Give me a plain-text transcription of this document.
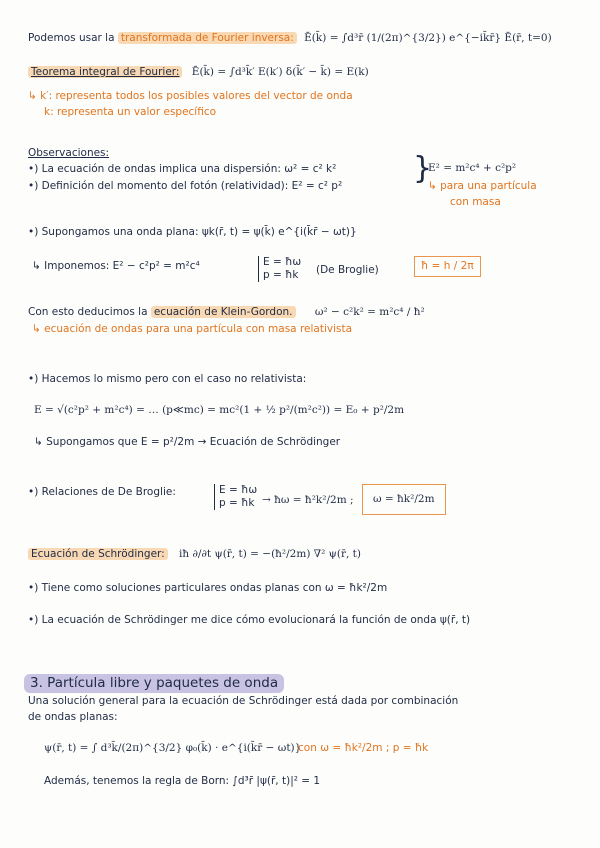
Podemos usar la transformada de Fourier inversa: Ē(k̄) = ∫d³r̄ (1/(2π)^{3/2}) e^{−ik̄r̄} Ē(r̄, t=0)
Teorema integral de Fourier: Ē(k̄) = ∫d³k̄′ E(k′) δ(k̄′ − k̄) = E(k)
↳ k′: representa todos los posibles valores del vector de onda
k: representa un valor específico
Observaciones:
•) La ecuación de ondas implica una dispersión: ω² = c² k²
•) Definición del momento del fotón (relatividad): E² = c² p² }
E² = m²c⁴ + c²p²
↳ para una partícula
con masa
•) Supongamos una onda plana: ψk(r̄, t) = ψ(k̄) e^{i(k̄r̄ − ωt)}
↳ Imponemos: E² − c²p² = m²c⁴	E = ħω
p = ħk (De Broglie)	ħ = h / 2π
Con esto deducimos la ecuación de Klein-Gordon. ω² − c²k² = m²c⁴ / ħ²
↳ ecuación de ondas para una partícula con masa relativista
•) Hacemos lo mismo pero con el caso no relativista:
E = √(c²p² + m²c⁴) = … (p≪mc) = mc²(1 + ½ p²/(m²c²)) = E₀ + p²/2m
↳ Supongamos que E = p²/2m → Ecuación de Schrödinger
•) Relaciones de De Broglie:	E = ħω
p = ħk → ħω = ħ²k²/2m ;	ω = ħk²/2m
Ecuación de Schrödinger: iħ ∂/∂t ψ(r̄, t) = −(ħ²/2m) ∇² ψ(r̄, t)
•) Tiene como soluciones particulares ondas planas con ω = ħk²/2m
•) La ecuación de Schrödinger me dice cómo evolucionará la función de onda ψ(r̄, t)
3. Partícula libre y paquetes de onda
Una solución general para la ecuación de Schrödinger está dada por combinación
de ondas planas:
ψ(r̄, t) = ∫ d³k̄/(2π)^{3/2} φ₀(k̄) · e^{i(k̄r̄ − ωt)}
con ω = ħk²/2m ; p = ħk
Además, tenemos la regla de Born: ∫d³r̄ |ψ(r̄, t)|² = 1
